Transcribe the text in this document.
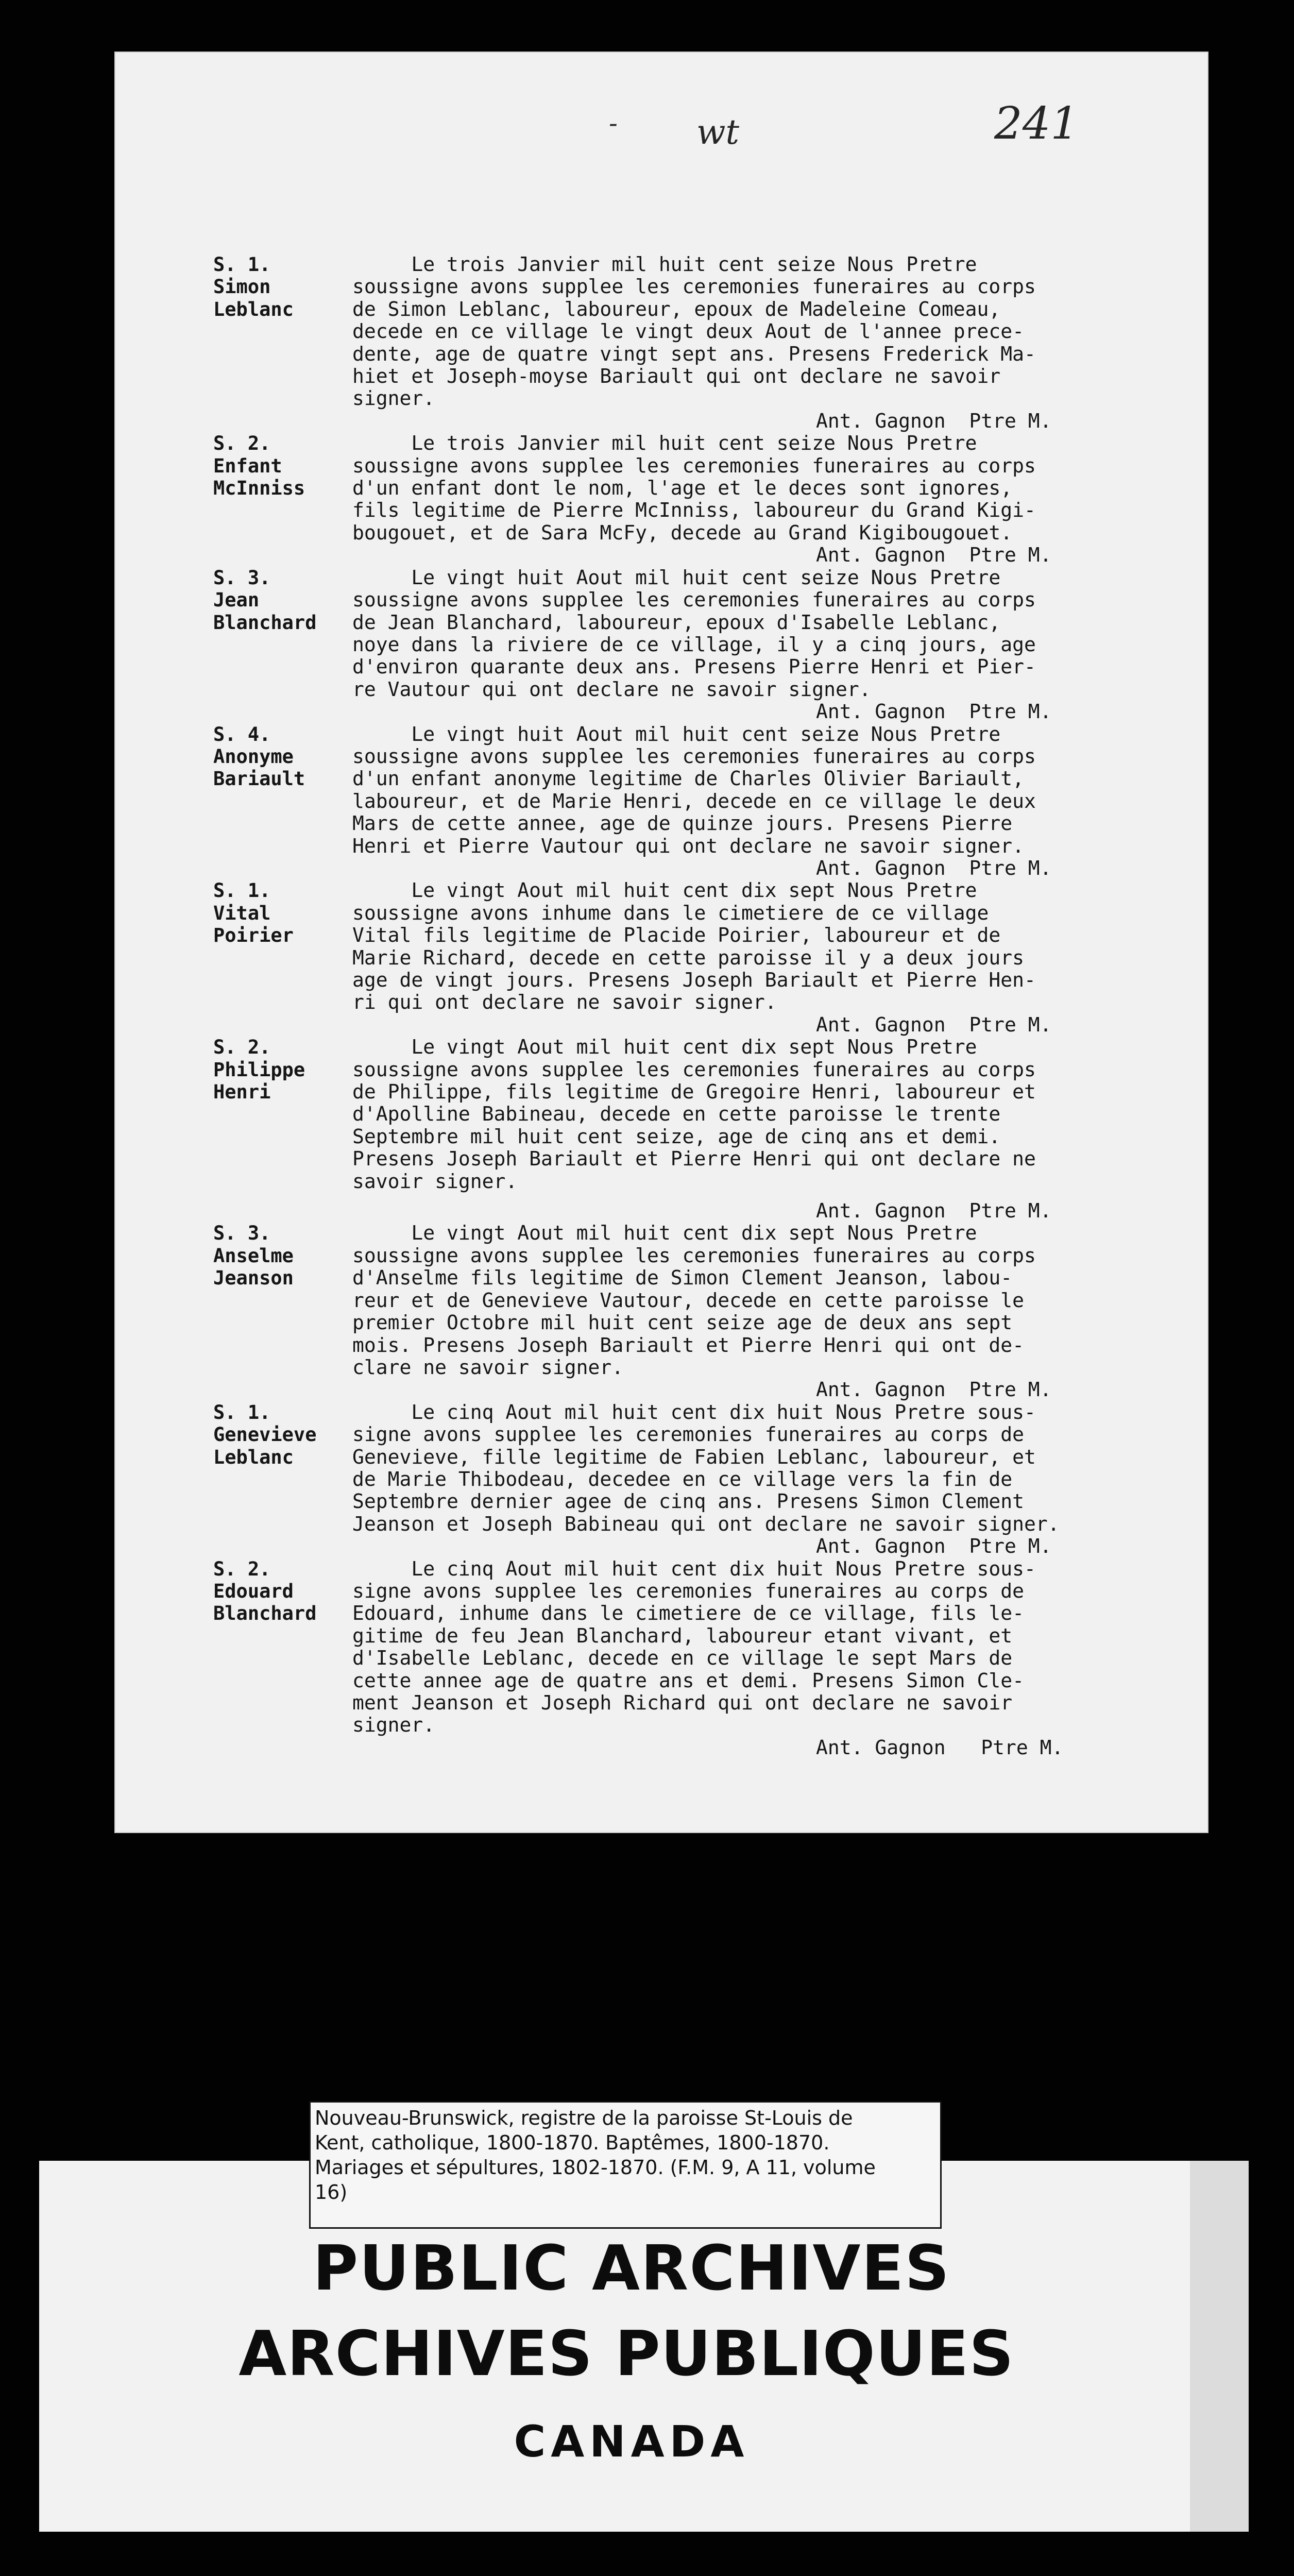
- wt	241
S. 1.
Simon
Leblanc
Le trois Janvier mil huit cent seize Nous Pretre
soussigne avons supplee les ceremonies funeraires au corps
de Simon Leblanc, laboureur, epoux de Madeleine Comeau,
decede en ce village le vingt deux Aout de l'annee prece-
dente, age de quatre vingt sept ans. Presens Frederick Ma-
hiet et Joseph-moyse Bariault qui ont declare ne savoir
signer.
Ant. Gagnon  Ptre M.
S. 2.
Enfant
McInniss
Le trois Janvier mil huit cent seize Nous Pretre
soussigne avons supplee les ceremonies funeraires au corps
d'un enfant dont le nom, l'age et le deces sont ignores,
fils legitime de Pierre McInniss, laboureur du Grand Kigi-
bougouet, et de Sara McFy, decede au Grand Kigibougouet.
Ant. Gagnon  Ptre M.
S. 3.
Jean
Blanchard
Le vingt huit Aout mil huit cent seize Nous Pretre
soussigne avons supplee les ceremonies funeraires au corps
de Jean Blanchard, laboureur, epoux d'Isabelle Leblanc,
noye dans la riviere de ce village, il y a cinq jours, age
d'environ quarante deux ans. Presens Pierre Henri et Pier-
re Vautour qui ont declare ne savoir signer.
Ant. Gagnon  Ptre M.
S. 4.
Anonyme
Bariault
Le vingt huit Aout mil huit cent seize Nous Pretre
soussigne avons supplee les ceremonies funeraires au corps
d'un enfant anonyme legitime de Charles Olivier Bariault,
laboureur, et de Marie Henri, decede en ce village le deux
Mars de cette annee, age de quinze jours. Presens Pierre
Henri et Pierre Vautour qui ont declare ne savoir signer.
Ant. Gagnon  Ptre M.
S. 1.
Vital
Poirier
Le vingt Aout mil huit cent dix sept Nous Pretre
soussigne avons inhume dans le cimetiere de ce village
Vital fils legitime de Placide Poirier, laboureur et de
Marie Richard, decede en cette paroisse il y a deux jours
age de vingt jours. Presens Joseph Bariault et Pierre Hen-
ri qui ont declare ne savoir signer.
Ant. Gagnon  Ptre M.
S. 2.
Philippe
Henri
Le vingt Aout mil huit cent dix sept Nous Pretre
soussigne avons supplee les ceremonies funeraires au corps
de Philippe, fils legitime de Gregoire Henri, laboureur et
d'Apolline Babineau, decede en cette paroisse le trente
Septembre mil huit cent seize, age de cinq ans et demi.
Presens Joseph Bariault et Pierre Henri qui ont declare ne
savoir signer.
Ant. Gagnon  Ptre M.
S. 3.
Anselme
Jeanson
Le vingt Aout mil huit cent dix sept Nous Pretre
soussigne avons supplee les ceremonies funeraires au corps
d'Anselme fils legitime de Simon Clement Jeanson, labou-
reur et de Genevieve Vautour, decede en cette paroisse le
premier Octobre mil huit cent seize age de deux ans sept
mois. Presens Joseph Bariault et Pierre Henri qui ont de-
clare ne savoir signer.
Ant. Gagnon  Ptre M.
S. 1.
Genevieve
Leblanc
Le cinq Aout mil huit cent dix huit Nous Pretre sous-
signe avons supplee les ceremonies funeraires au corps de
Genevieve, fille legitime de Fabien Leblanc, laboureur, et
de Marie Thibodeau, decedee en ce village vers la fin de
Septembre dernier agee de cinq ans. Presens Simon Clement
Jeanson et Joseph Babineau qui ont declare ne savoir signer.
Ant. Gagnon  Ptre M.
S. 2.
Edouard
Blanchard
Le cinq Aout mil huit cent dix huit Nous Pretre sous-
signe avons supplee les ceremonies funeraires au corps de
Edouard, inhume dans le cimetiere de ce village, fils le-
gitime de feu Jean Blanchard, laboureur etant vivant, et
d'Isabelle Leblanc, decede en ce village le sept Mars de
cette annee age de quatre ans et demi. Presens Simon Cle-
ment Jeanson et Joseph Richard qui ont declare ne savoir
signer.
Ant. Gagnon   Ptre M.
Nouveau-Brunswick, registre de la paroisse St-Louis de
Kent, catholique, 1800-1870. Baptêmes, 1800-1870.
Mariages et sépultures, 1802-1870. (F.M. 9, A 11, volume
16)
PUBLIC ARCHIVES
ARCHIVES PUBLIQUES
CANADA
